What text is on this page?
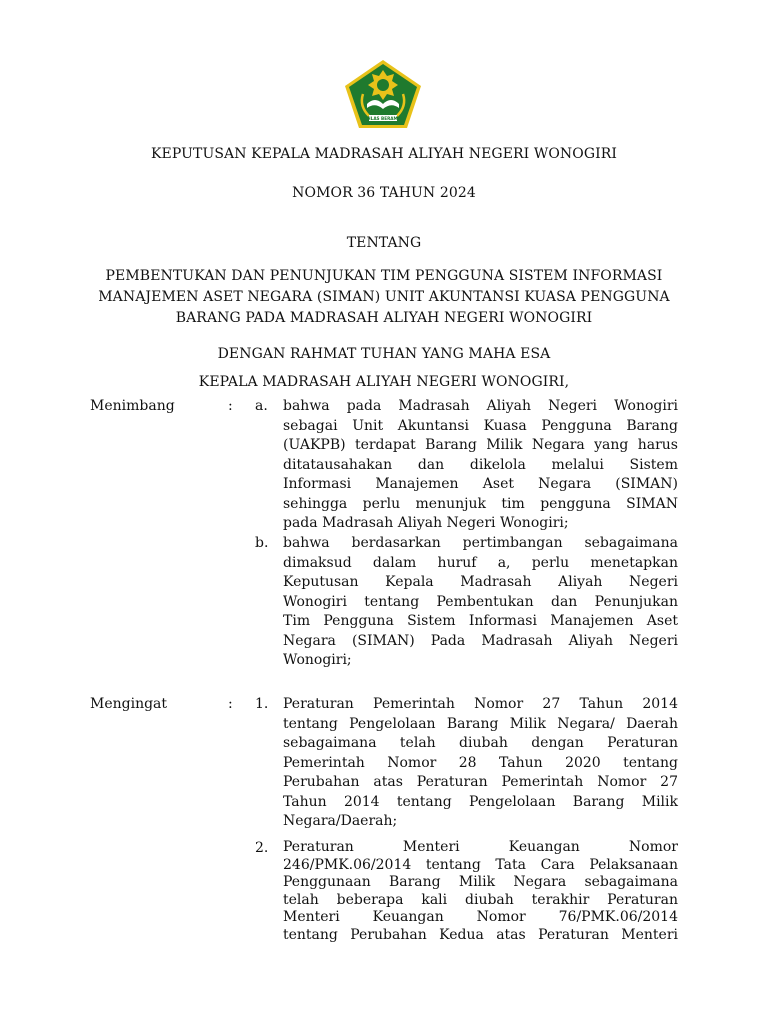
IKHLAS BERAMAL
KEPUTUSAN KEPALA MADRASAH ALIYAH NEGERI WONOGIRI
NOMOR 36 TAHUN 2024
TENTANG
PEMBENTUKAN DAN PENUNJUKAN TIM PENGGUNA SISTEM INFORMASI
MANAJEMEN ASET NEGARA (SIMAN) UNIT AKUNTANSI KUASA PENGGUNA
BARANG PADA MADRASAH ALIYAH NEGERI WONOGIRI
DENGAN RAHMAT TUHAN YANG MAHA ESA
KEPALA MADRASAH ALIYAH NEGERI WONOGIRI,
Menimbang	: a.	bahwa pada Madrasah Aliyah Negeri Wonogiri
sebagai Unit Akuntansi Kuasa Pengguna Barang
(UAKPB) terdapat Barang Milik Negara yang harus
ditatausahakan dan dikelola melalui Sistem
Informasi Manajemen Aset Negara (SIMAN)
sehingga perlu menunjuk tim pengguna SIMAN
pada Madrasah Aliyah Negeri Wonogiri;
b.	bahwa berdasarkan pertimbangan sebagaimana
dimaksud dalam huruf a, perlu menetapkan
Keputusan Kepala Madrasah Aliyah Negeri
Wonogiri tentang Pembentukan dan Penunjukan
Tim Pengguna Sistem Informasi Manajemen Aset
Negara (SIMAN) Pada Madrasah Aliyah Negeri
Wonogiri;
Mengingat	: 1.	Peraturan Pemerintah Nomor 27 Tahun 2014
tentang Pengelolaan Barang Milik Negara/ Daerah
sebagaimana telah diubah dengan Peraturan
Pemerintah Nomor 28 Tahun 2020 tentang
Perubahan atas Peraturan Pemerintah Nomor 27
Tahun 2014 tentang Pengelolaan Barang Milik
Negara/Daerah;
2.	Peraturan Menteri Keuangan Nomor
246/PMK.06/2014 tentang Tata Cara Pelaksanaan
Penggunaan Barang Milik Negara sebagaimana
telah beberapa kali diubah terakhir Peraturan
Menteri Keuangan Nomor 76/PMK.06/2014
tentang Perubahan Kedua atas Peraturan Menteri
